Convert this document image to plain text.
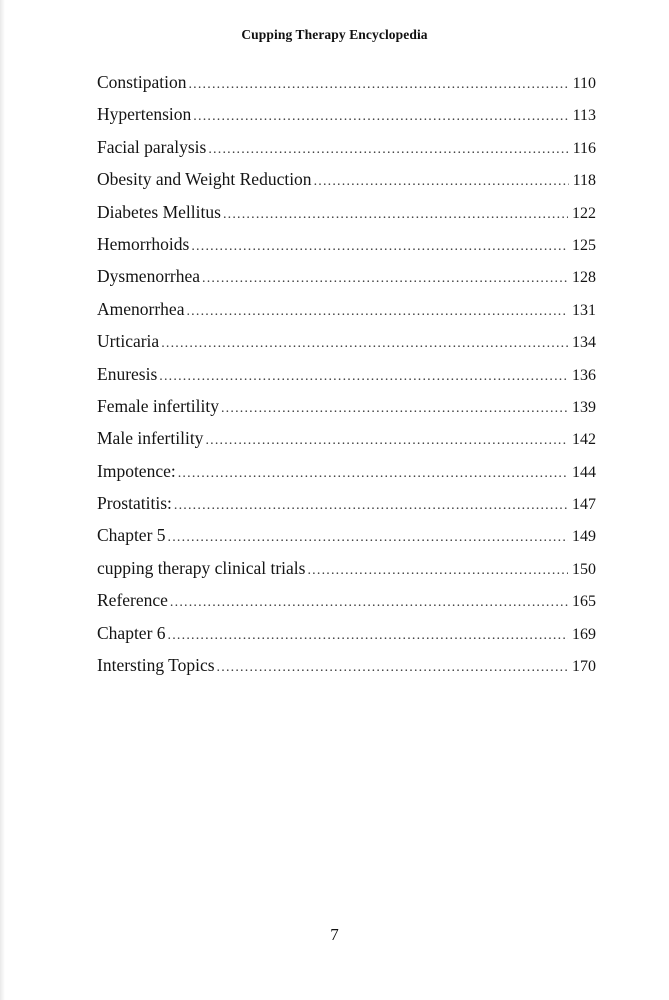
Cupping Therapy Encyclopedia
Constipation .....	110
Hypertension .....	113
Facial paralysis .....	116
Obesity and Weight Reduction .....	118
Diabetes Mellitus .....	122
Hemorrhoids .....	125
Dysmenorrhea .....	128
Amenorrhea .....	131
Urticaria .....	134
Enuresis .....	136
Female infertility .....	139
Male infertility .....	142
Impotence: .....	144
Prostatitis: .....	147
Chapter 5 .....	149
cupping therapy clinical trials .....	150
Reference .....	165
Chapter 6 .....	169
Intersting Topics .....	170
7
